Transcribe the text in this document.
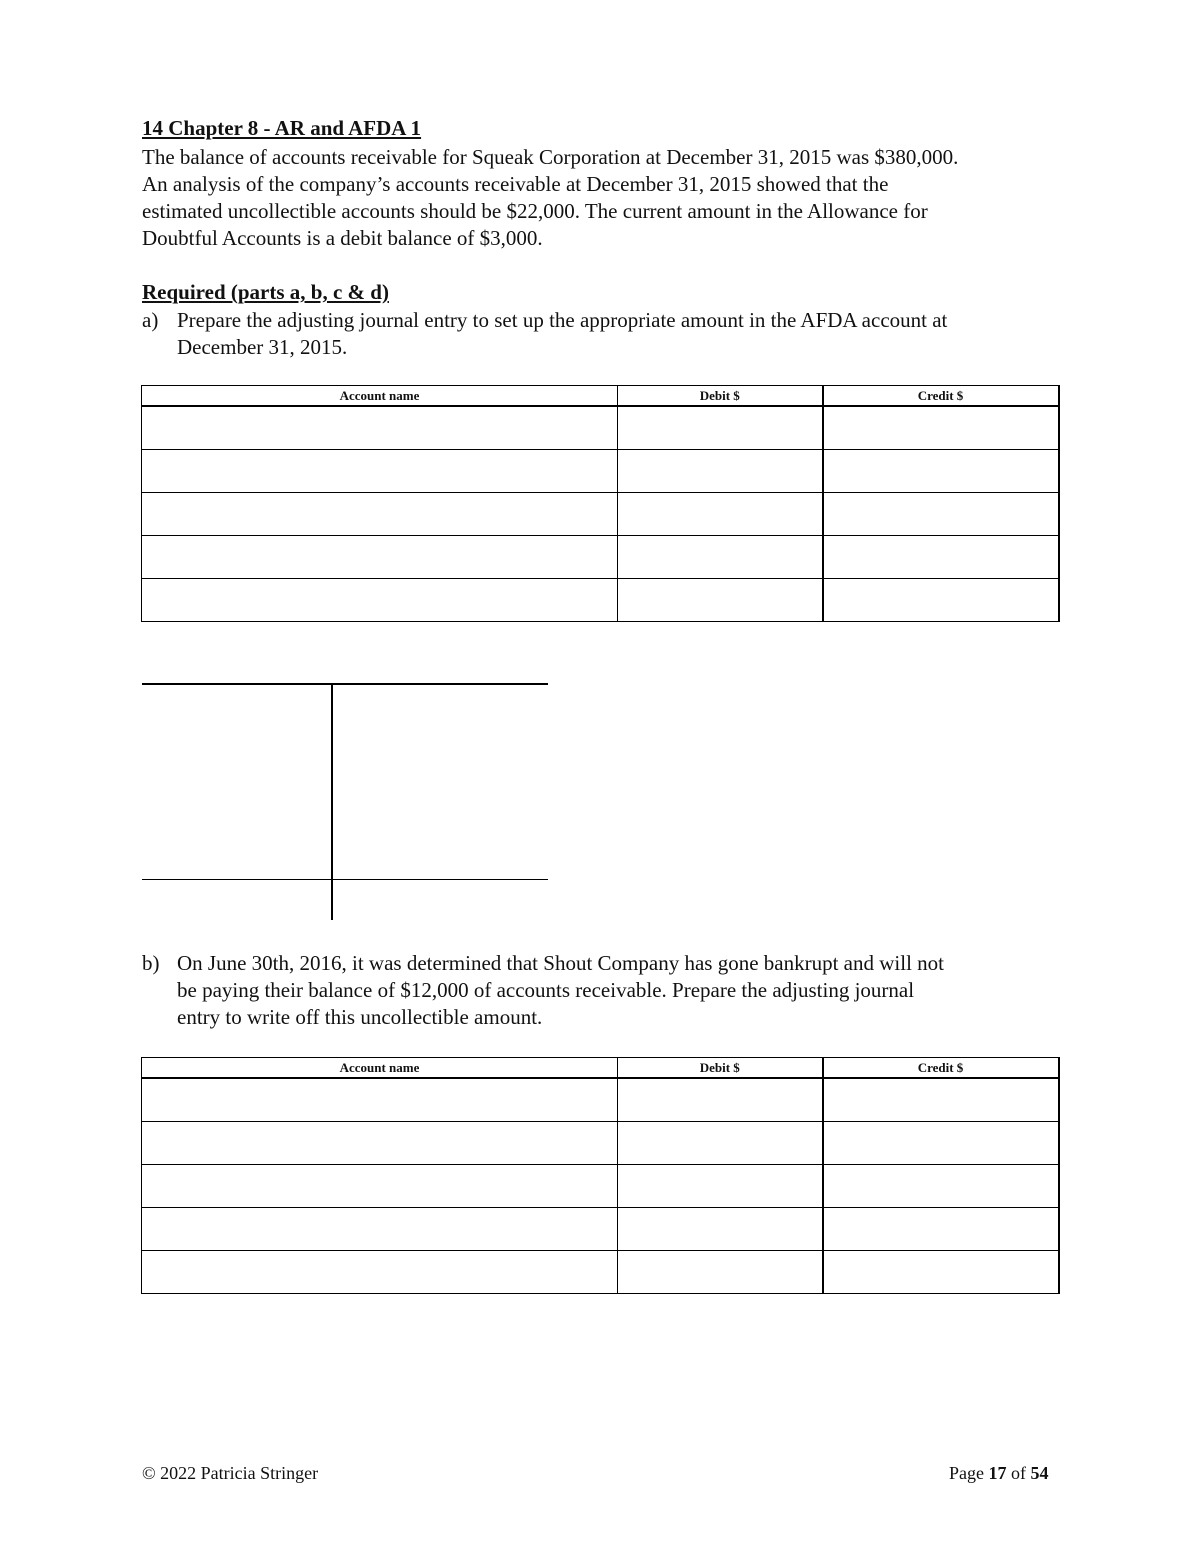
14 Chapter 8 - AR and AFDA 1
The balance of accounts receivable for Squeak Corporation at December 31, 2015 was $380,000.
An analysis of the company’s accounts receivable at December 31, 2015 showed that the
estimated uncollectible accounts should be $22,000. The current amount in the Allowance for
Doubtful Accounts is a debit balance of $3,000.
Required (parts a, b, c & d)
a) Prepare the adjusting journal entry to set up the appropriate amount in the AFDA account at
December 31, 2015.
Account name	Debit $	Credit $

b) On June 30th, 2016, it was determined that Shout Company has gone bankrupt and will not
be paying their balance of $12,000 of accounts receivable. Prepare the adjusting journal
entry to write off this uncollectible amount.
Account name	Debit $	Credit $

© 2022 Patricia Stringer	Page 17 of 54
